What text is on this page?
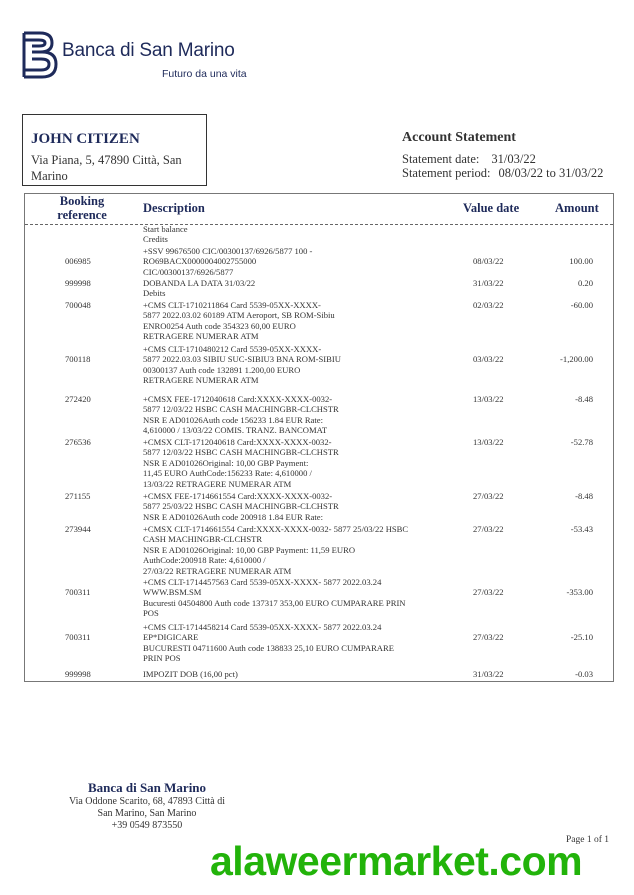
Banca di San Marino
Futuro da una vita
JOHN CITIZEN
Via Piana, 5, 47890 Città, San
Marino
Account Statement
Statement date: 31/03/22
Statement period: 08/03/22 to 31/03/22
Booking
reference	Description	Value date	Amount
Start balance
Credits
006985
+SSV 99676500 CIC/00300137/6926/5877 100 -
RO69BACX0000004002755000
CIC/00300137/6926/5877
08/03/22	100.00
999998	DOBANDA LA DATA 31/03/22
Debits
31/03/22	0.20
700048	+CMS CLT-1710211864 Card 5539-05XX-XXXX-
5877 2022.03.02 60189 ATM Aeroport, SB ROM-Sibiu
ENRO0254 Auth code 354323 60,00 EURO
RETRAGERE NUMERAR ATM
02/03/22	-60.00
700118
+CMS CLT-1710480212 Card 5539-05XX-XXXX-
5877 2022.03.03 SIBIU SUC-SIBIU3 BNA ROM-SIBIU
00300137 Auth code 132891 1.200,00 EURO
RETRAGERE NUMERAR ATM
03/03/22	-1,200.00
272420	+CMSX FEE-1712040618 Card:XXXX-XXXX-0032-
5877 12/03/22 HSBC CASH MACHINGBR-CLCHSTR
NSR E AD01026Auth code 156233 1.84 EUR Rate:
4,610000 / 13/03/22 COMIS. TRANZ. BANCOMAT
13/03/22	-8.48
276536	+CMSX CLT-1712040618 Card:XXXX-XXXX-0032-
5877 12/03/22 HSBC CASH MACHINGBR-CLCHSTR
NSR E AD01026Original: 10,00 GBP Payment:
11,45 EURO AuthCode:156233 Rate: 4,610000 /
13/03/22 RETRAGERE NUMERAR ATM
13/03/22	-52.78
271155	+CMSX FEE-1714661554 Card:XXXX-XXXX-0032-
5877 25/03/22 HSBC CASH MACHINGBR-CLCHSTR
NSR E AD01026Auth code 200918 1.84 EUR Rate:
27/03/22	-8.48
273944	+CMSX CLT-1714661554 Card:XXXX-XXXX-0032- 5877 25/03/22 HSBC
CASH MACHINGBR-CLCHSTR
NSR E AD01026Original: 10,00 GBP Payment: 11,59 EURO
AuthCode:200918 Rate: 4,610000 /
27/03/22 RETRAGERE NUMERAR ATM
27/03/22	-53.43
700311
+CMS CLT-1714457563 Card 5539-05XX-XXXX- 5877 2022.03.24
WWW.BSM.SM
Bucuresti 04504800 Auth code 137317 353,00 EURO CUMPARARE PRIN
POS
27/03/22	-353.00
700311
+CMS CLT-1714458214 Card 5539-05XX-XXXX- 5877 2022.03.24
EP*DIGICARE
BUCURESTI 04711600 Auth code 138833 25,10 EURO CUMPARARE
PRIN POS
27/03/22	-25.10
999998	IMPOZIT DOB (16,00 pct)	31/03/22	-0.03
Banca di San Marino
Via Oddone Scarito, 68, 47893 Città di
San Marino, San Marino
+39 0549 873550
Page 1 of 1
alaweermarket.com
